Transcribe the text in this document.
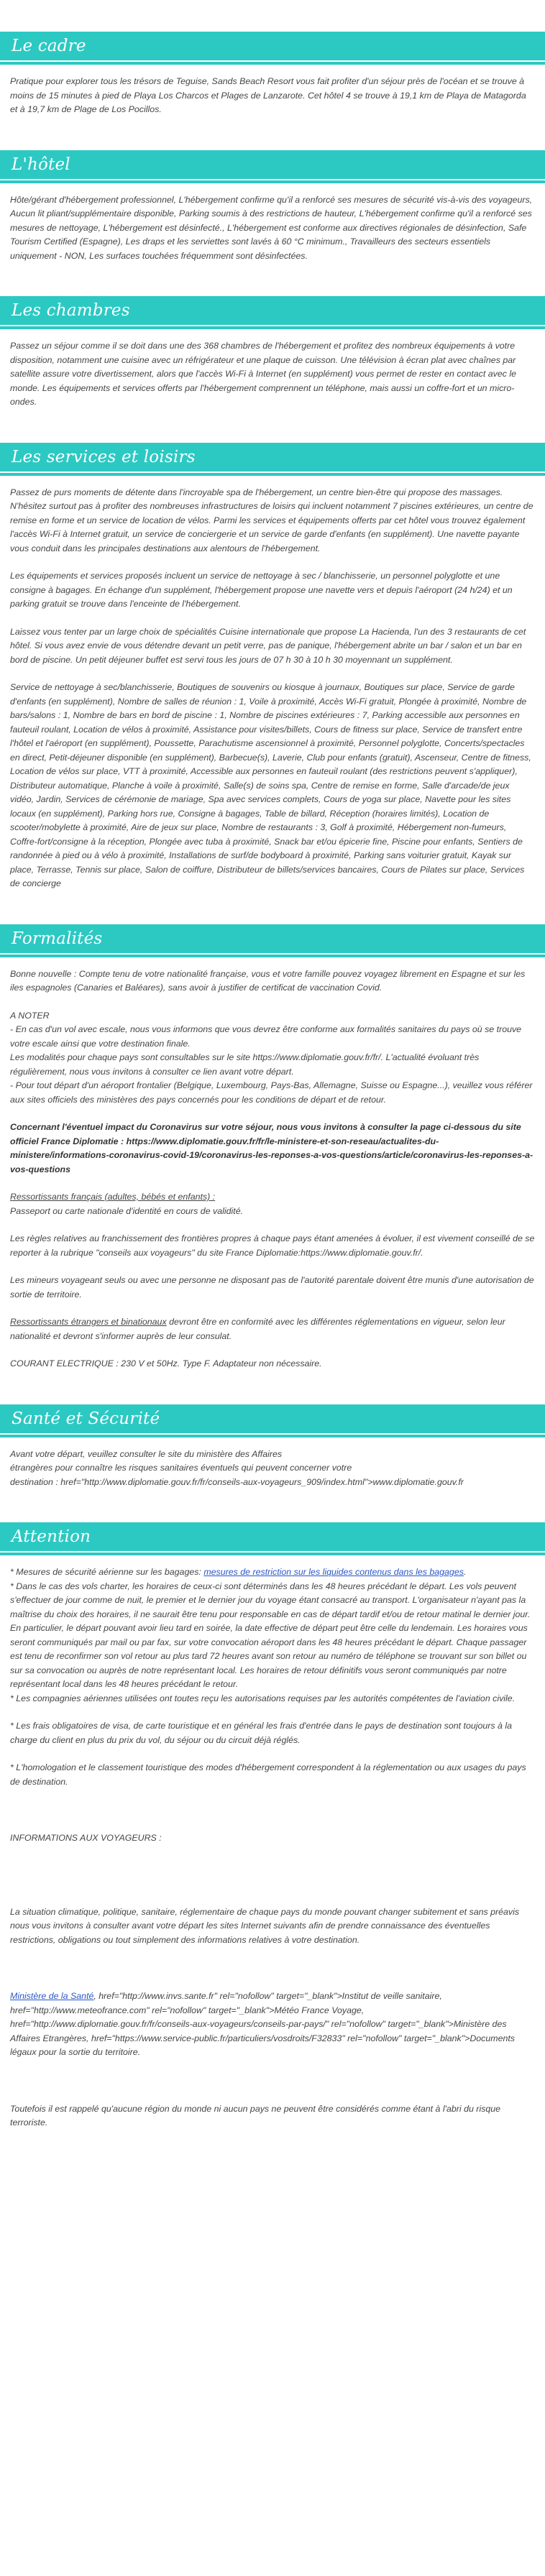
Le cadre

Pratique pour explorer tous les trésors de Teguise, Sands Beach Resort vous fait profiter d'un séjour près de l'océan et se trouve à moins de 15 minutes à pied de Playa Los Charcos et Plages de Lanzarote. Cet hôtel 4 se trouve à 19,1 km de Playa de Matagorda et à 19,7 km de Plage de Los Pocillos.

L'hôtel

Hôte/gérant d'hébergement professionnel, L'hébergement confirme qu'il a renforcé ses mesures de sécurité vis-à-vis des voyageurs, Aucun lit pliant/supplémentaire disponible, Parking soumis à des restrictions de hauteur, L'hébergement confirme qu'il a renforcé ses mesures de nettoyage, L'hébergement est désinfecté., L'hébergement est conforme aux directives régionales de désinfection, Safe Tourism Certified (Espagne), Les draps et les serviettes sont lavés à 60 °C minimum., Travailleurs des secteurs essentiels uniquement - NON, Les surfaces touchées fréquemment sont désinfectées.

Les chambres

Passez un séjour comme il se doit dans une des 368 chambres de l'hébergement et profitez des nombreux équipements à votre disposition, notamment une cuisine avec un réfrigérateur et une plaque de cuisson. Une télévision à écran plat avec chaînes par satellite assure votre divertissement, alors que l'accès Wi-Fi à Internet (en supplément) vous permet de rester en contact avec le monde. Les équipements et services offerts par l'hébergement comprennent un téléphone, mais aussi un coffre-fort et un micro-ondes.

Les services et loisirs

Passez de purs moments de détente dans l'incroyable spa de l'hébergement, un centre bien-être qui propose des massages. N'hésitez surtout pas à profiter des nombreuses infrastructures de loisirs qui incluent notamment 7 piscines extérieures, un centre de remise en forme et un service de location de vélos. Parmi les services et équipements offerts par cet hôtel vous trouvez également l'accès Wi-Fi à Internet gratuit, un service de conciergerie et un service de garde d'enfants (en supplément). Une navette payante vous conduit dans les principales destinations aux alentours de l'hébergement.

Les équipements et services proposés incluent un service de nettoyage à sec / blanchisserie, un personnel polyglotte et une consigne à bagages. En échange d'un supplément, l'hébergement propose une navette vers et depuis l'aéroport (24 h/24) et un parking gratuit se trouve dans l'enceinte de l'hébergement.

Laissez vous tenter par un large choix de spécialités Cuisine internationale que propose La Hacienda, l'un des 3 restaurants de cet hôtel. Si vous avez envie de vous détendre devant un petit verre, pas de panique, l'hébergement abrite un bar / salon et un bar en bord de piscine. Un petit déjeuner buffet est servi tous les jours de 07 h 30 à 10 h 30 moyennant un supplément.

Service de nettoyage à sec/blanchisserie, Boutiques de souvenirs ou kiosque à journaux, Boutiques sur place, Service de garde d'enfants (en supplément), Nombre de salles de réunion : 1, Voile à proximité, Accès Wi-Fi gratuit, Plongée à proximité, Nombre de bars/salons : 1, Nombre de bars en bord de piscine : 1, Nombre de piscines extérieures : 7, Parking accessible aux personnes en fauteuil roulant, Location de vélos à proximité, Assistance pour visites/billets, Cours de fitness sur place, Service de transfert entre l'hôtel et l'aéroport (en supplément), Poussette, Parachutisme ascensionnel à proximité, Personnel polyglotte, Concerts/spectacles en direct, Petit-déjeuner disponible (en supplément), Barbecue(s), Laverie, Club pour enfants (gratuit), Ascenseur, Centre de fitness, Location de vélos sur place, VTT à proximité, Accessible aux personnes en fauteuil roulant (des restrictions peuvent s'appliquer), Distributeur automatique, Planche à voile à proximité, Salle(s) de soins spa, Centre de remise en forme, Salle d'arcade/de jeux vidéo, Jardin, Services de cérémonie de mariage, Spa avec services complets, Cours de yoga sur place, Navette pour les sites locaux (en supplément), Parking hors rue, Consigne à bagages, Table de billard, Réception (horaires limités), Location de scooter/mobylette à proximité, Aire de jeux sur place, Nombre de restaurants : 3, Golf à proximité, Hébergement non-fumeurs, Coffre-fort/consigne à la réception, Plongée avec tuba à proximité, Snack bar et/ou épicerie fine, Piscine pour enfants, Sentiers de randonnée à pied ou à vélo à proximité, Installations de surf/de bodyboard à proximité, Parking sans voiturier gratuit, Kayak sur place, Terrasse, Tennis sur place, Salon de coiffure, Distributeur de billets/services bancaires, Cours de Pilates sur place, Services de concierge

Formalités

Bonne nouvelle : Compte tenu de votre nationalité française, vous et votre famille pouvez voyagez librement en Espagne et sur les iles espagnoles (Canaries et Baléares), sans avoir à justifier de certificat de vaccination Covid.

A NOTER

- En cas d'un vol avec escale, nous vous informons que vous devrez être conforme aux formalités sanitaires du pays où se trouve votre escale ainsi que votre destination finale.

Les modalités pour chaque pays sont consultables sur le site https://www.diplomatie.gouv.fr/fr/. L'actualité évoluant très régulièrement, nous vous invitons à consulter ce lien avant votre départ.

- Pour tout départ d'un aéroport frontalier (Belgique, Luxembourg, Pays-Bas, Allemagne, Suisse ou Espagne...), veuillez vous référer aux sites officiels des ministères des pays concernés pour les conditions de départ et de retour.

Concernant l'éventuel impact du Coronavirus sur votre séjour, nous vous invitons à consulter la page ci-dessous du site officiel France Diplomatie : https://www.diplomatie.gouv.fr/fr/le-ministere-et-son-reseau/actualites-du-ministere/informations-coronavirus-covid-19/coronavirus-les-reponses-a-vos-questions/article/coronavirus-les-reponses-a-vos-questions

Ressortissants français (adultes, bébés et enfants) :

Passeport ou carte nationale d'identité en cours de validité.

Les règles relatives au franchissement des frontières propres à chaque pays étant amenées à évoluer, il est vivement conseillé de se reporter à la rubrique "conseils aux voyageurs" du site France Diplomatie:https://www.diplomatie.gouv.fr/.

Les mineurs voyageant seuls ou avec une personne ne disposant pas de l'autorité parentale doivent être munis d'une autorisation de sortie de territoire.

Ressortissants étrangers et binationaux devront être en conformité avec les différentes réglementations en vigueur, selon leur nationalité et devront s'informer auprès de leur consulat.

COURANT ELECTRIQUE : 230 V et 50Hz. Type F. Adaptateur non nécessaire.

Santé et Sécurité

Avant votre départ, veuillez consulter le site du ministère des Affaires

étrangères pour connaître les risques sanitaires éventuels qui peuvent concerner votre

destination : href="http://www.diplomatie.gouv.fr/fr/conseils-aux-voyageurs_909/index.html">www.diplomatie.gouv.fr

Attention

* Mesures de sécurité aérienne sur les bagages: mesures de restriction sur les liquides contenus dans les bagages.

* Dans le cas des vols charter, les horaires de ceux-ci sont déterminés dans les 48 heures précédant le départ. Les vols peuvent s'effectuer de jour comme de nuit, le premier et le dernier jour du voyage étant consacré au transport. L'organisateur n'ayant pas la maîtrise du choix des horaires, il ne saurait être tenu pour responsable en cas de départ tardif et/ou de retour matinal le dernier jour. En particulier, le départ pouvant avoir lieu tard en soirée, la date effective de départ peut être celle du lendemain. Les horaires vous seront communiqués par mail ou par fax, sur votre convocation aéroport dans les 48 heures précédant le départ. Chaque passager est tenu de reconfirmer son vol retour au plus tard 72 heures avant son retour au numéro de téléphone se trouvant sur son billet ou sur sa convocation ou auprès de notre représentant local. Les horaires de retour définitifs vous seront communiqués par notre représentant local dans les 48 heures précédant le retour.

* Les compagnies aériennes utilisées ont toutes reçu les autorisations requises par les autorités compétentes de l'aviation civile.

* Les frais obligatoires de visa, de carte touristique et en général les frais d'entrée dans le pays de destination sont toujours à la charge du client en plus du prix du vol, du séjour ou du circuit déjà réglés.

* L'homologation et le classement touristique des modes d'hébergement correspondent à la réglementation ou aux usages du pays de destination.

INFORMATIONS AUX VOYAGEURS :

La situation climatique, politique, sanitaire, réglementaire de chaque pays du monde pouvant changer subitement et sans préavis

nous vous invitons à consulter avant votre départ les sites Internet suivants afin de prendre connaissance des éventuelles restrictions, obligations ou tout simplement des informations relatives à votre destination.

Ministère de la Santé, href="http://www.invs.sante.fr" rel="nofollow" target="_blank">Institut de veille sanitaire, href="http://www.meteofrance.com" rel="nofollow" target="_blank">Météo France Voyage, href="http://www.diplomatie.gouv.fr/fr/conseils-aux-voyageurs/conseils-par-pays/" rel="nofollow" target="_blank">Ministère des Affaires Etrangères, href="https://www.service-public.fr/particuliers/vosdroits/F32833" rel="nofollow" target="_blank">Documents légaux pour la sortie du territoire.

Toutefois il est rappelé qu'aucune région du monde ni aucun pays ne peuvent être considérés comme étant à l'abri du risque terroriste.
